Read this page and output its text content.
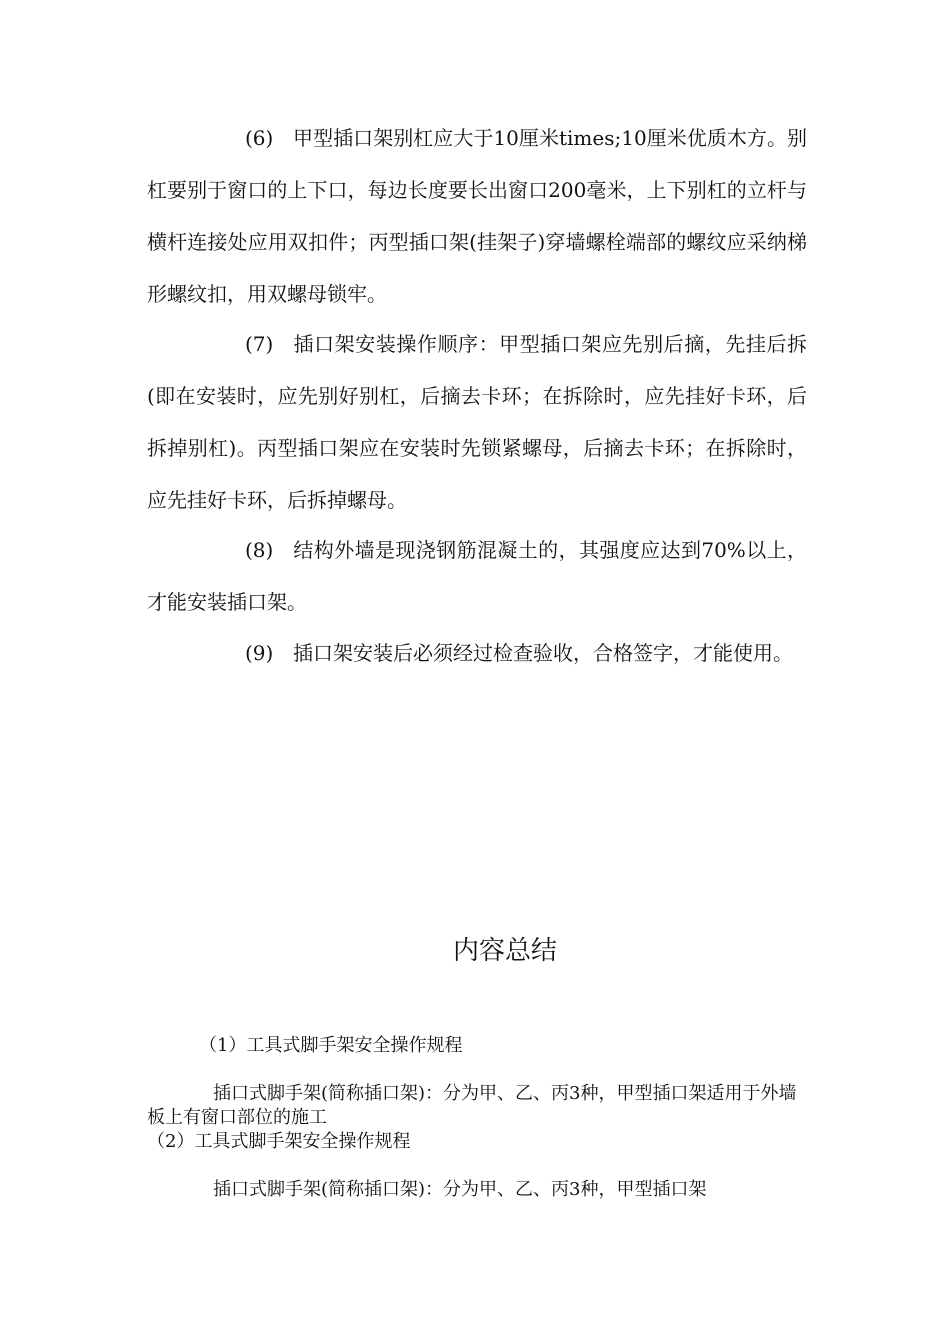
(6) 甲型插口架别杠应大于10厘米times;10厘米优质木方。别杠要别于窗口的上下口，每边长度要长出窗口200毫米，上下别杠的立杆与横杆连接处应用双扣件；丙型插口架(挂架子)穿墙螺栓端部的螺纹应采纳梯形螺纹扣，用双螺母锁牢。
(7) 插口架安装操作顺序：甲型插口架应先别后摘，先挂后拆(即在安装时，应先别好别杠，后摘去卡环；在拆除时，应先挂好卡环，后拆掉别杠)。丙型插口架应在安装时先锁紧螺母，后摘去卡环；在拆除时，应先挂好卡环，后拆掉螺母。
(8) 结构外墙是现浇钢筋混凝土的，其强度应达到70%以上，才能安装插口架。
(9) 插口架安装后必须经过检查验收，合格签字，才能使用。
内容总结
（1）工具式脚手架安全操作规程
插口式脚手架(简称插口架)：分为甲、乙、丙3种，甲型插口架适用于外墙板上有窗口部位的施工
（2）工具式脚手架安全操作规程
插口式脚手架(简称插口架)：分为甲、乙、丙3种，甲型插口架
